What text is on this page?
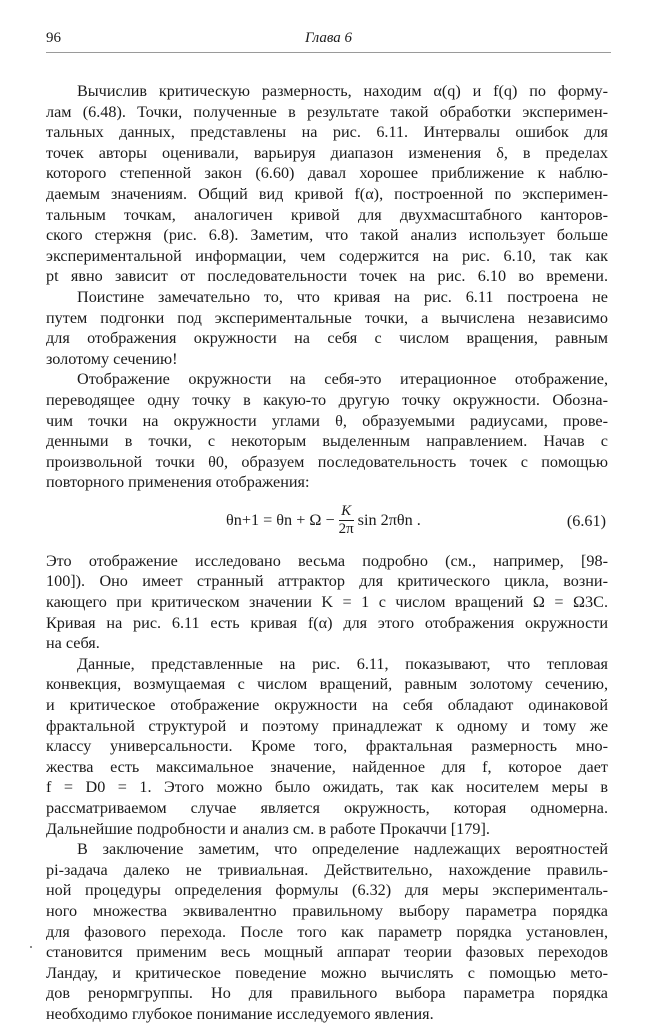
96	Глава 6
Вычислив критическую размерность, находим α(q) и f(q) по форму-
лам (6.48). Точки, полученные в результате такой обработки эксперимен-
тальных данных, представлены на рис. 6.11. Интервалы ошибок для
точек авторы оценивали, варьируя диапазон изменения δ, в пределах
которого степенной закон (6.60) давал хорошее приближение к наблю-
даемым значениям. Общий вид кривой f(α), построенной по эксперимен-
тальным точкам, аналогичен кривой для двухмасштабного канторов-
ского стержня (рис. 6.8). Заметим, что такой анализ использует больше
экспериментальной информации, чем содержится на рис. 6.10, так как
pt явно зависит от последовательности точек на рис. 6.10 во времени.
Поистине замечательно то, что кривая на рис. 6.11 построена не
путем подгонки под экспериментальные точки, а вычислена независимо
для отображения окружности на себя с числом вращения, равным
золотому сечению!
Отображение окружности на себя-это итерационное отображение,
переводящее одну точку в какую-то другую точку окружности. Обозна-
чим точки на окружности углами θ, образуемыми радиусами, прове-
денными в точки, с некоторым выделенным направлением. Начав с
произвольной точки θ0, образуем последовательность точек с помощью
повторного применения отображения:
$\theta n+1 = \theta n + \Omega - \frac{K}{2\pi}$ sin 2πθn .	(6.61)
Это отображение исследовано весьма подробно (см., например, [98-
100]). Оно имеет странный аттрактор для критического цикла, возни-
кающего при критическом значении K = 1 с числом вращений Ω = Ω3C.
Кривая на рис. 6.11 есть кривая f(α) для этого отображения окружности
на себя.
Данные, представленные на рис. 6.11, показывают, что тепловая
конвекция, возмущаемая с числом вращений, равным золотому сечению,
и критическое отображение окружности на себя обладают одинаковой
фрактальной структурой и поэтому принадлежат к одному и тому же
классу универсальности. Кроме того, фрактальная размерность мно-
жества есть максимальное значение, найденное для f, которое дает
f = D0 = 1. Этого можно было ожидать, так как носителем меры в
рассматриваемом случае является окружность, которая одномерна.
Дальнейшие подробности и анализ см. в работе Прокаччи [179].
В заключение заметим, что определение надлежащих вероятностей
pi-задача далеко не тривиальная. Действительно, нахождение правиль-
ной процедуры определения формулы (6.32) для меры эксперименталь-
ного множества эквивалентно правильному выбору параметра порядка
для фазового перехода. После того как параметр порядка установлен,
становится применим весь мощный аппарат теории фазовых переходов
Ландау, и критическое поведение можно вычислять с помощью мето-
дов ренормгруппы. Но для правильного выбора параметра порядка
необходимо глубокое понимание исследуемого явления.
